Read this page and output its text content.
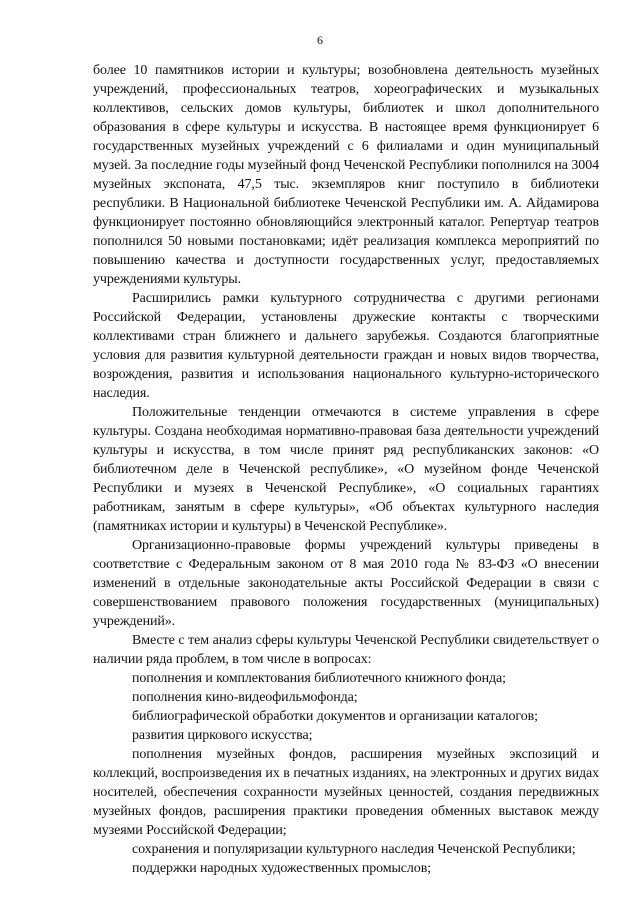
6

более 10 памятников истории и культуры; возобновлена деятельность музейных учреждений, профессиональных театров, хореографических и музыкальных коллективов, сельских домов культуры, библиотек и школ дополнительного образования в сфере культуры и искусства. В настоящее время функционирует 6 государственных музейных учреждений с 6 филиалами и один муниципальный музей. За последние годы музейный фонд Чеченской Республики пополнился на 3004 музейных экспоната, 47,5 тыс. экземпляров книг поступило в библиотеки республики. В Национальной библиотеке Чеченской Республики им. А. Айдамирова функционирует постоянно обновляющийся электронный каталог. Репертуар театров пополнился 50 новыми постановками; идёт реализация комплекса мероприятий по повышению качества и доступности государственных услуг, предоставляемых учреждениями культуры.

Расширились рамки культурного сотрудничества с другими регионами Российской Федерации, установлены дружеские контакты с творческими коллективами стран ближнего и дальнего зарубежья. Создаются благоприятные условия для развития культурной деятельности граждан и новых видов творчества, возрождения, развития и использования национального культурно-исторического наследия.

Положительные тенденции отмечаются в системе управления в сфере культуры. Создана необходимая нормативно-правовая база деятельности учреждений культуры и искусства, в том числе принят ряд республиканских законов: «О библиотечном деле в Чеченской республике», «О музейном фонде Чеченской Республики и музеях в Чеченской Республике», «О социальных гарантиях работникам, занятым в сфере культуры», «Об объектах культурного наследия (памятниках истории и культуры) в Чеченской Республике».

Организационно-правовые формы учреждений культуры приведены в соответствие с Федеральным законом от 8 мая 2010 года № 83-ФЗ «О внесении изменений в отдельные законодательные акты Российской Федерации в связи с совершенствованием правового положения государственных (муниципальных) учреждений».

Вместе с тем анализ сферы культуры Чеченской Республики свидетельствует о наличии ряда проблем, в том числе в вопросах:

пополнения и комплектования библиотечного книжного фонда;

пополнения кино-видеофильмофонда;

библиографической обработки документов и организации каталогов;

развития циркового искусства;

пополнения музейных фондов, расширения музейных экспозиций и коллекций, воспроизведения их в печатных изданиях, на электронных и других видах носителей, обеспечения сохранности музейных ценностей, создания передвижных музейных фондов, расширения практики проведения обменных выставок между музеями Российской Федерации;

сохранения и популяризации культурного наследия Чеченской Республики;

поддержки народных художественных промыслов;
